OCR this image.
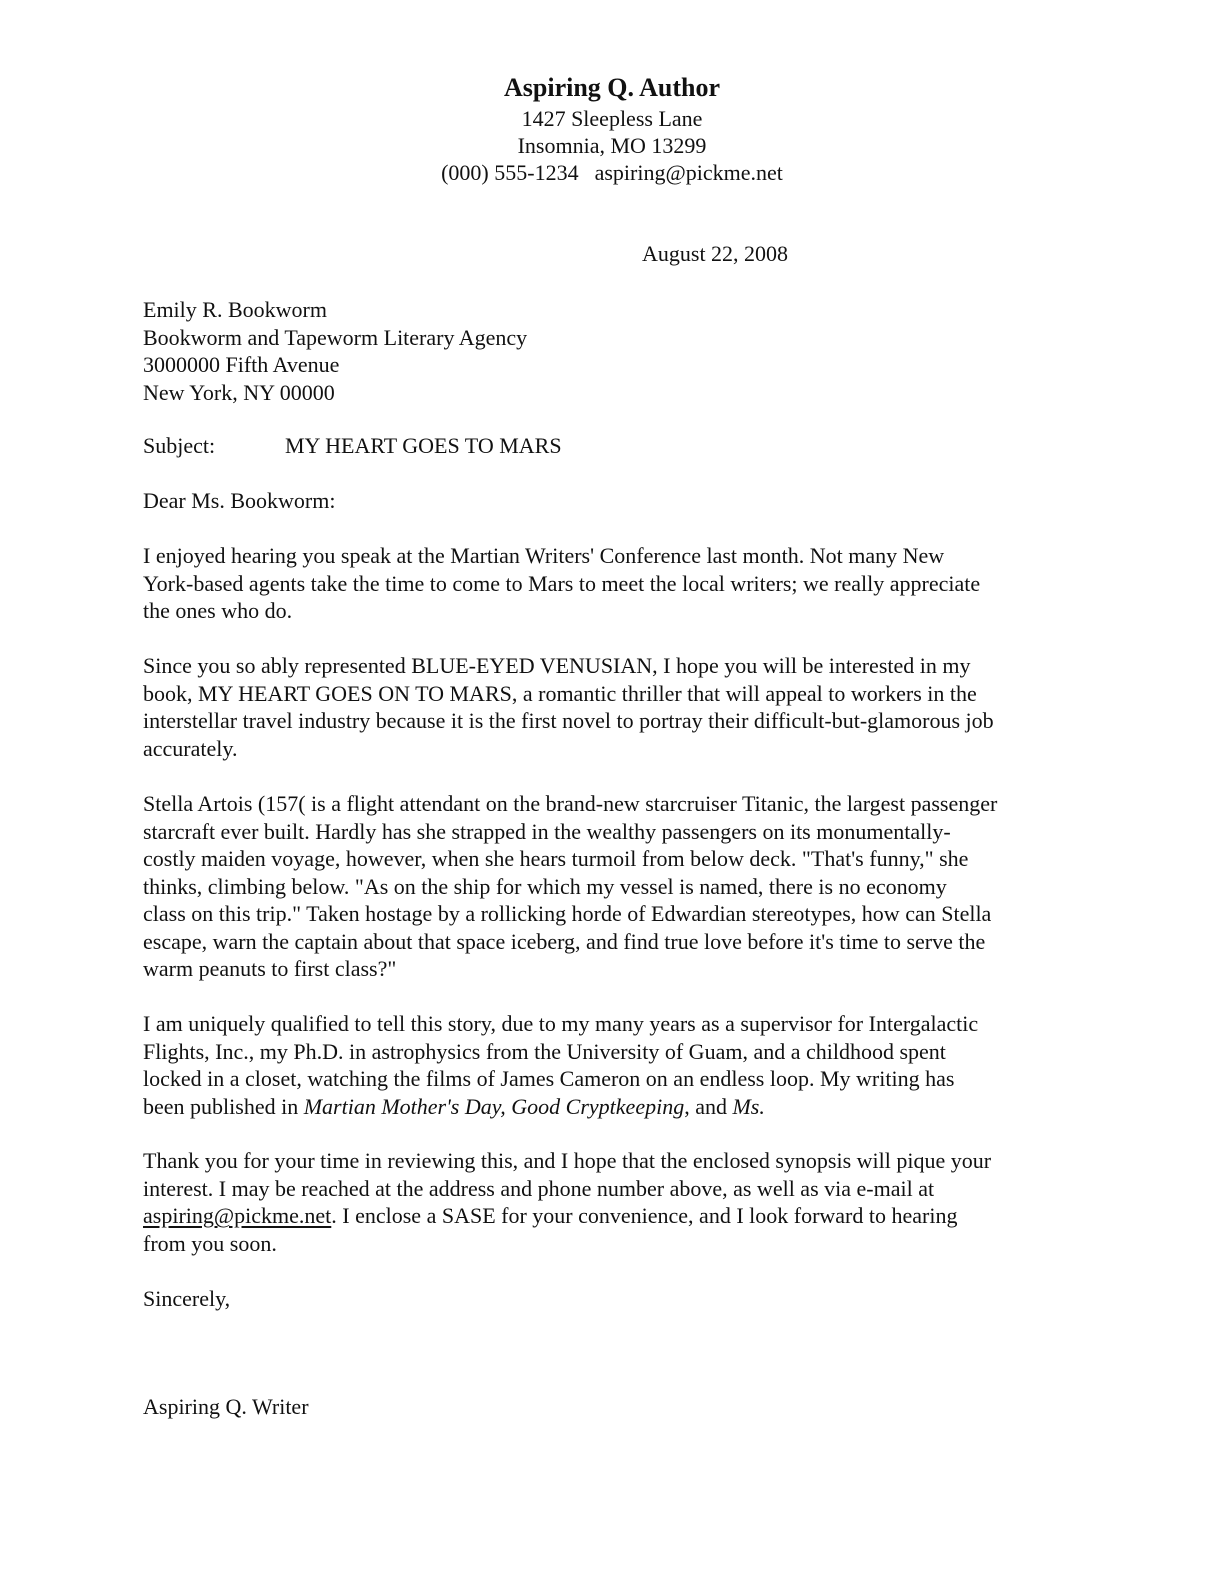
Aspiring Q. Author
1427 Sleepless Lane
Insomnia, MO 13299
(000) 555-1234 aspiring@pickme.net
August 22, 2008
Emily R. Bookworm
Bookworm and Tapeworm Literary Agency
3000000 Fifth Avenue
New York, NY 00000
Subject:	MY HEART GOES TO MARS
Dear Ms. Bookworm:
I enjoyed hearing you speak at the Martian Writers' Conference last month. Not many New
York-based agents take the time to come to Mars to meet the local writers; we really appreciate
the ones who do.
Since you so ably represented BLUE-EYED VENUSIAN, I hope you will be interested in my
book, MY HEART GOES ON TO MARS, a romantic thriller that will appeal to workers in the
interstellar travel industry because it is the first novel to portray their difficult-but-glamorous job
accurately.
Stella Artois (157( is a flight attendant on the brand-new starcruiser Titanic, the largest passenger
starcraft ever built. Hardly has she strapped in the wealthy passengers on its monumentally-
costly maiden voyage, however, when she hears turmoil from below deck. "That's funny," she
thinks, climbing below. "As on the ship for which my vessel is named, there is no economy
class on this trip." Taken hostage by a rollicking horde of Edwardian stereotypes, how can Stella
escape, warn the captain about that space iceberg, and find true love before it's time to serve the
warm peanuts to first class?"
I am uniquely qualified to tell this story, due to my many years as a supervisor for Intergalactic
Flights, Inc., my Ph.D. in astrophysics from the University of Guam, and a childhood spent
locked in a closet, watching the films of James Cameron on an endless loop. My writing has
been published in Martian Mother's Day, Good Cryptkeeping, and Ms.
Thank you for your time in reviewing this, and I hope that the enclosed synopsis will pique your
interest. I may be reached at the address and phone number above, as well as via e-mail at
aspiring@pickme.net. I enclose a SASE for your convenience, and I look forward to hearing
from you soon.
Sincerely,
Aspiring Q. Writer
